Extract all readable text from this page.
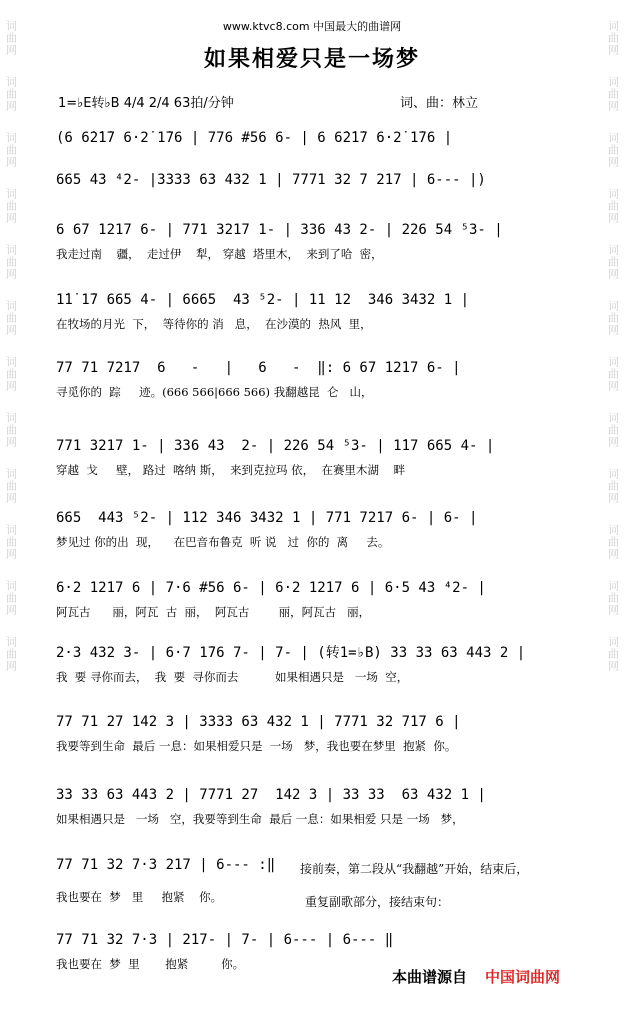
词曲网
词曲网
词曲网
词曲网
词曲网
词曲网
词曲网
词曲网
词曲网
词曲网
词曲网
词曲网
词曲网
词曲网
词曲网
词曲网
词曲网
词曲网
词曲网
词曲网
词曲网
词曲网
词曲网
词曲网
www.ktvc8.com 中国最大的曲谱网
如果相爱只是一场梦
1=♭E转♭B 4/4 2/4 63拍/分钟	词、曲：林立
(6 6̇2̇1̇7 6·2̇ 1̇76 | 776 #56 6- | 6 6̇2̇1̇7 6·2̇ 1̇76 |
665 43 ⁴2- |3333 63 432 1 | 7771 32 7 217 | 6--- |)
6 67 1217 6- | 771 3217 1- | 336 43 2- | 226 54 ⁵3- |
我走过南    疆，  走过伊    犁， 穿越  塔里木，  来到了哈  密，
1̇1̇ 1̇7 665 4- | 6665  43 ⁵2- | 11 12  346 3432 1 |
在牧场的月光  下，  等待你的 消   息，  在沙漠的  热风  里，
77 71 7217  6   -   |   6   -  ‖: 6 67 1217 6- |
寻觅你的  踪     迹。(666 566|666 566) 我翻越昆  仑   山，
771 3217 1- | 336 43  2- | 226 54 ⁵3- | 1̇17 665 4- |
穿越  戈     壁， 路过  喀纳 斯，  来到克拉玛 依，  在赛里木湖    畔
665  443 ⁵2- | 112 346 3432 1 | 771 7217 6- | 6- |
梦见过 你的出  现，    在巴音布鲁克  听 说   过  你的  离     去。
6·2 1217 6 | 7·6 #56 6- | 6·2 1217 6 | 6·5 43 ⁴2- |
阿瓦古      丽，阿瓦  古  丽，  阿瓦古        丽，阿瓦古   丽，
2·3 432 3- | 6·7 1̇76 7- | 7- | (转1=♭B) 33 33 63 443 2 |
我  要 寻你而去，  我  要  寻你而去          如果相遇只是   一场  空，
77 71 27 142 3 | 3333 63 432 1 | 7771 32 717 6 |
我要等到生命  最后 一息：如果相爱只是  一场   梦，我也要在梦里  抱紧  你。
33 33 63 443 2 | 7771 27  142 3 | 33 33  63 432 1 |
如果相遇只是   一场   空，我要等到生命  最后 一息：如果相爱 只是 一场   梦，
77 71 32 7·3 217 | 6--- :‖
我也要在  梦   里     抱紧    你。
接前奏，第二段从“我翻越”开始，结束后，
重复副歌部分，接结束句：
77 71 32 7·3 | 217- | 7- | 6--- | 6--- ‖
我也要在  梦  里       抱紧         你。
本曲谱源自 中国词曲网
